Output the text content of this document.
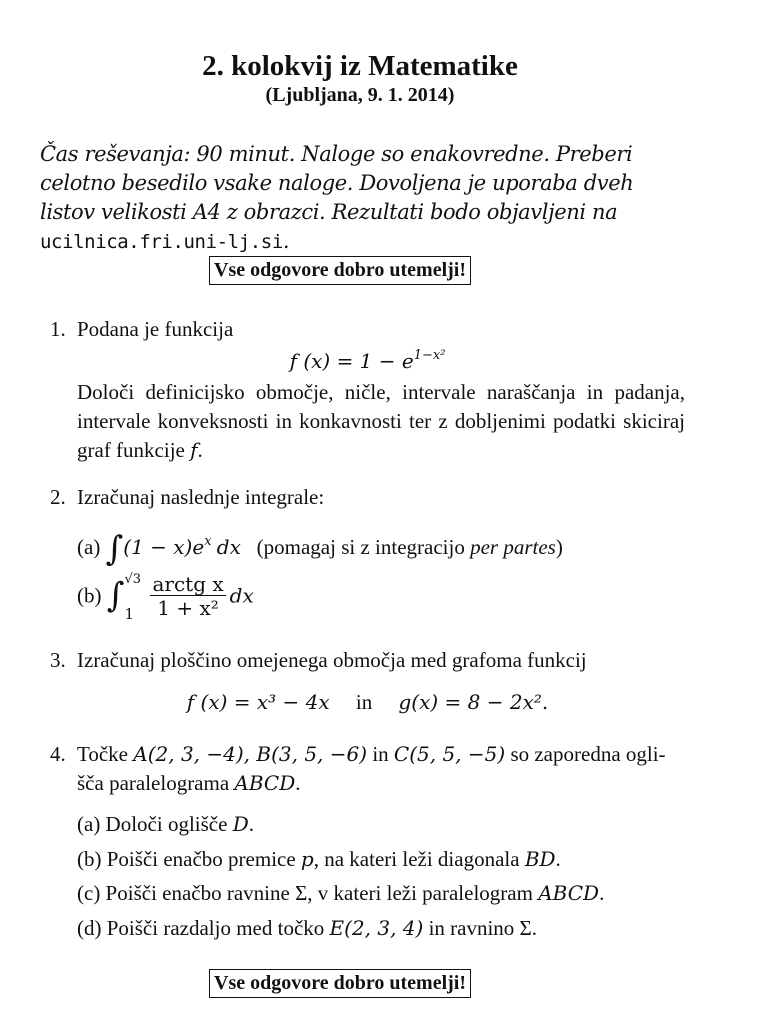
2. kolokvij iz Matematike
(Ljubljana, 9. 1. 2014)
Čas reševanja: 90 minut. Naloge so enakovredne. Preberi celotno besedilo vsake naloge. Dovoljena je uporaba dveh listov velikosti A4 z obrazci. Rezultati bodo objavljeni na ucilnica.fri.uni-lj.si.
Vse odgovore dobro utemelji!
1. Podana je funkcija
f $(x) = 1 - e^{1-x^2}$
Določi definicijsko območje, ničle, intervale naraščanja in padanja, intervale konveksnosti in konkavnosti ter z dobljenimi podatki skiciraj graf funkcije f.
2. Izračunaj naslednje integrale:
(a) $\int(1 - x)e^x$ dx (pomagaj si z integracijo per partes)
(b) ∫ √3
$1 \frac{\text{arctg x}}{\text{1 + x²}}$ dx
3. Izračunaj ploščino omejenega območja med grafoma funkcij
f (x) = x³ − 4x in g(x) = 8 − 2x².
4. Točke A(2, 3, −4), B(3, 5, −6) in C(5, 5, −5) so zaporedna ogli-
šča paralelograma ABCD.
(a) Določi oglišče D.
(b) Poišči enačbo premice p, na kateri leži diagonala BD.
(c) Poišči enačbo ravnine Σ, v kateri leži paralelogram ABCD.
(d) Poišči razdaljo med točko E(2, 3, 4) in ravnino Σ.
Vse odgovore dobro utemelji!
